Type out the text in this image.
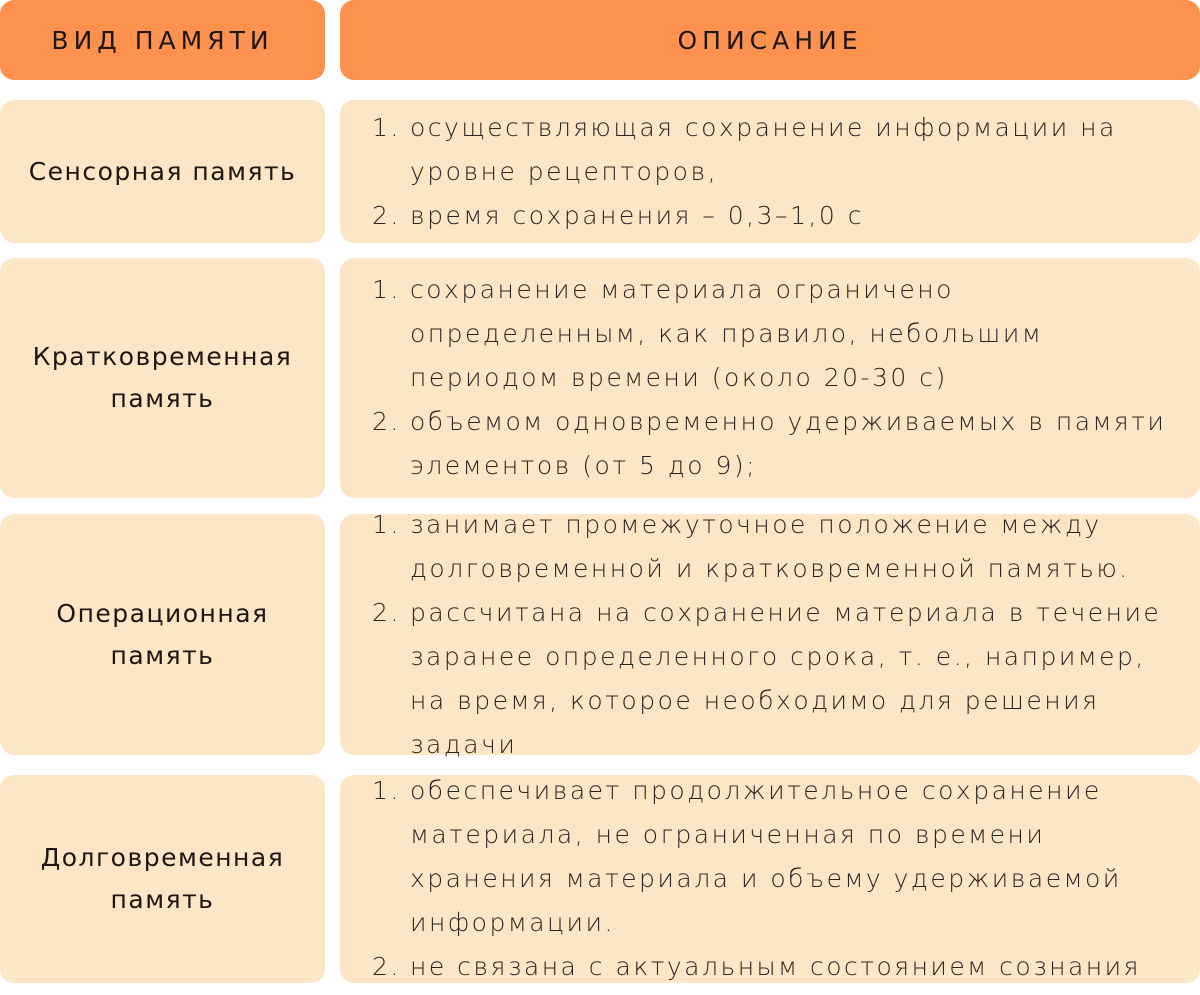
ВИД ПАМЯТИ	ОПИСАНИЕ
Сенсорная память
1. осуществляющая сохранение информации на уровне рецепторов,
2. время сохранения – 0,3–1,0 с
Кратковременная
память
1. сохранение материала ограничено определенным, как правило, небольшим периодом времени (около 20-30 с)
2. объемом одновременно удерживаемых в памяти элементов (от 5 до 9);
Операционная
память
1. занимает промежуточное положение между долговременной и кратковременной памятью.
2. рассчитана на сохранение материала в течение заранее определенного срока, т. е., например, на время, которое необходимо для решения задачи
Долговременная
память
1. обеспечивает продолжительное сохранение материала, не ограниченная по времени хранения материала и объему удерживаемой информации.
2. не связана с актуальным состоянием сознания
